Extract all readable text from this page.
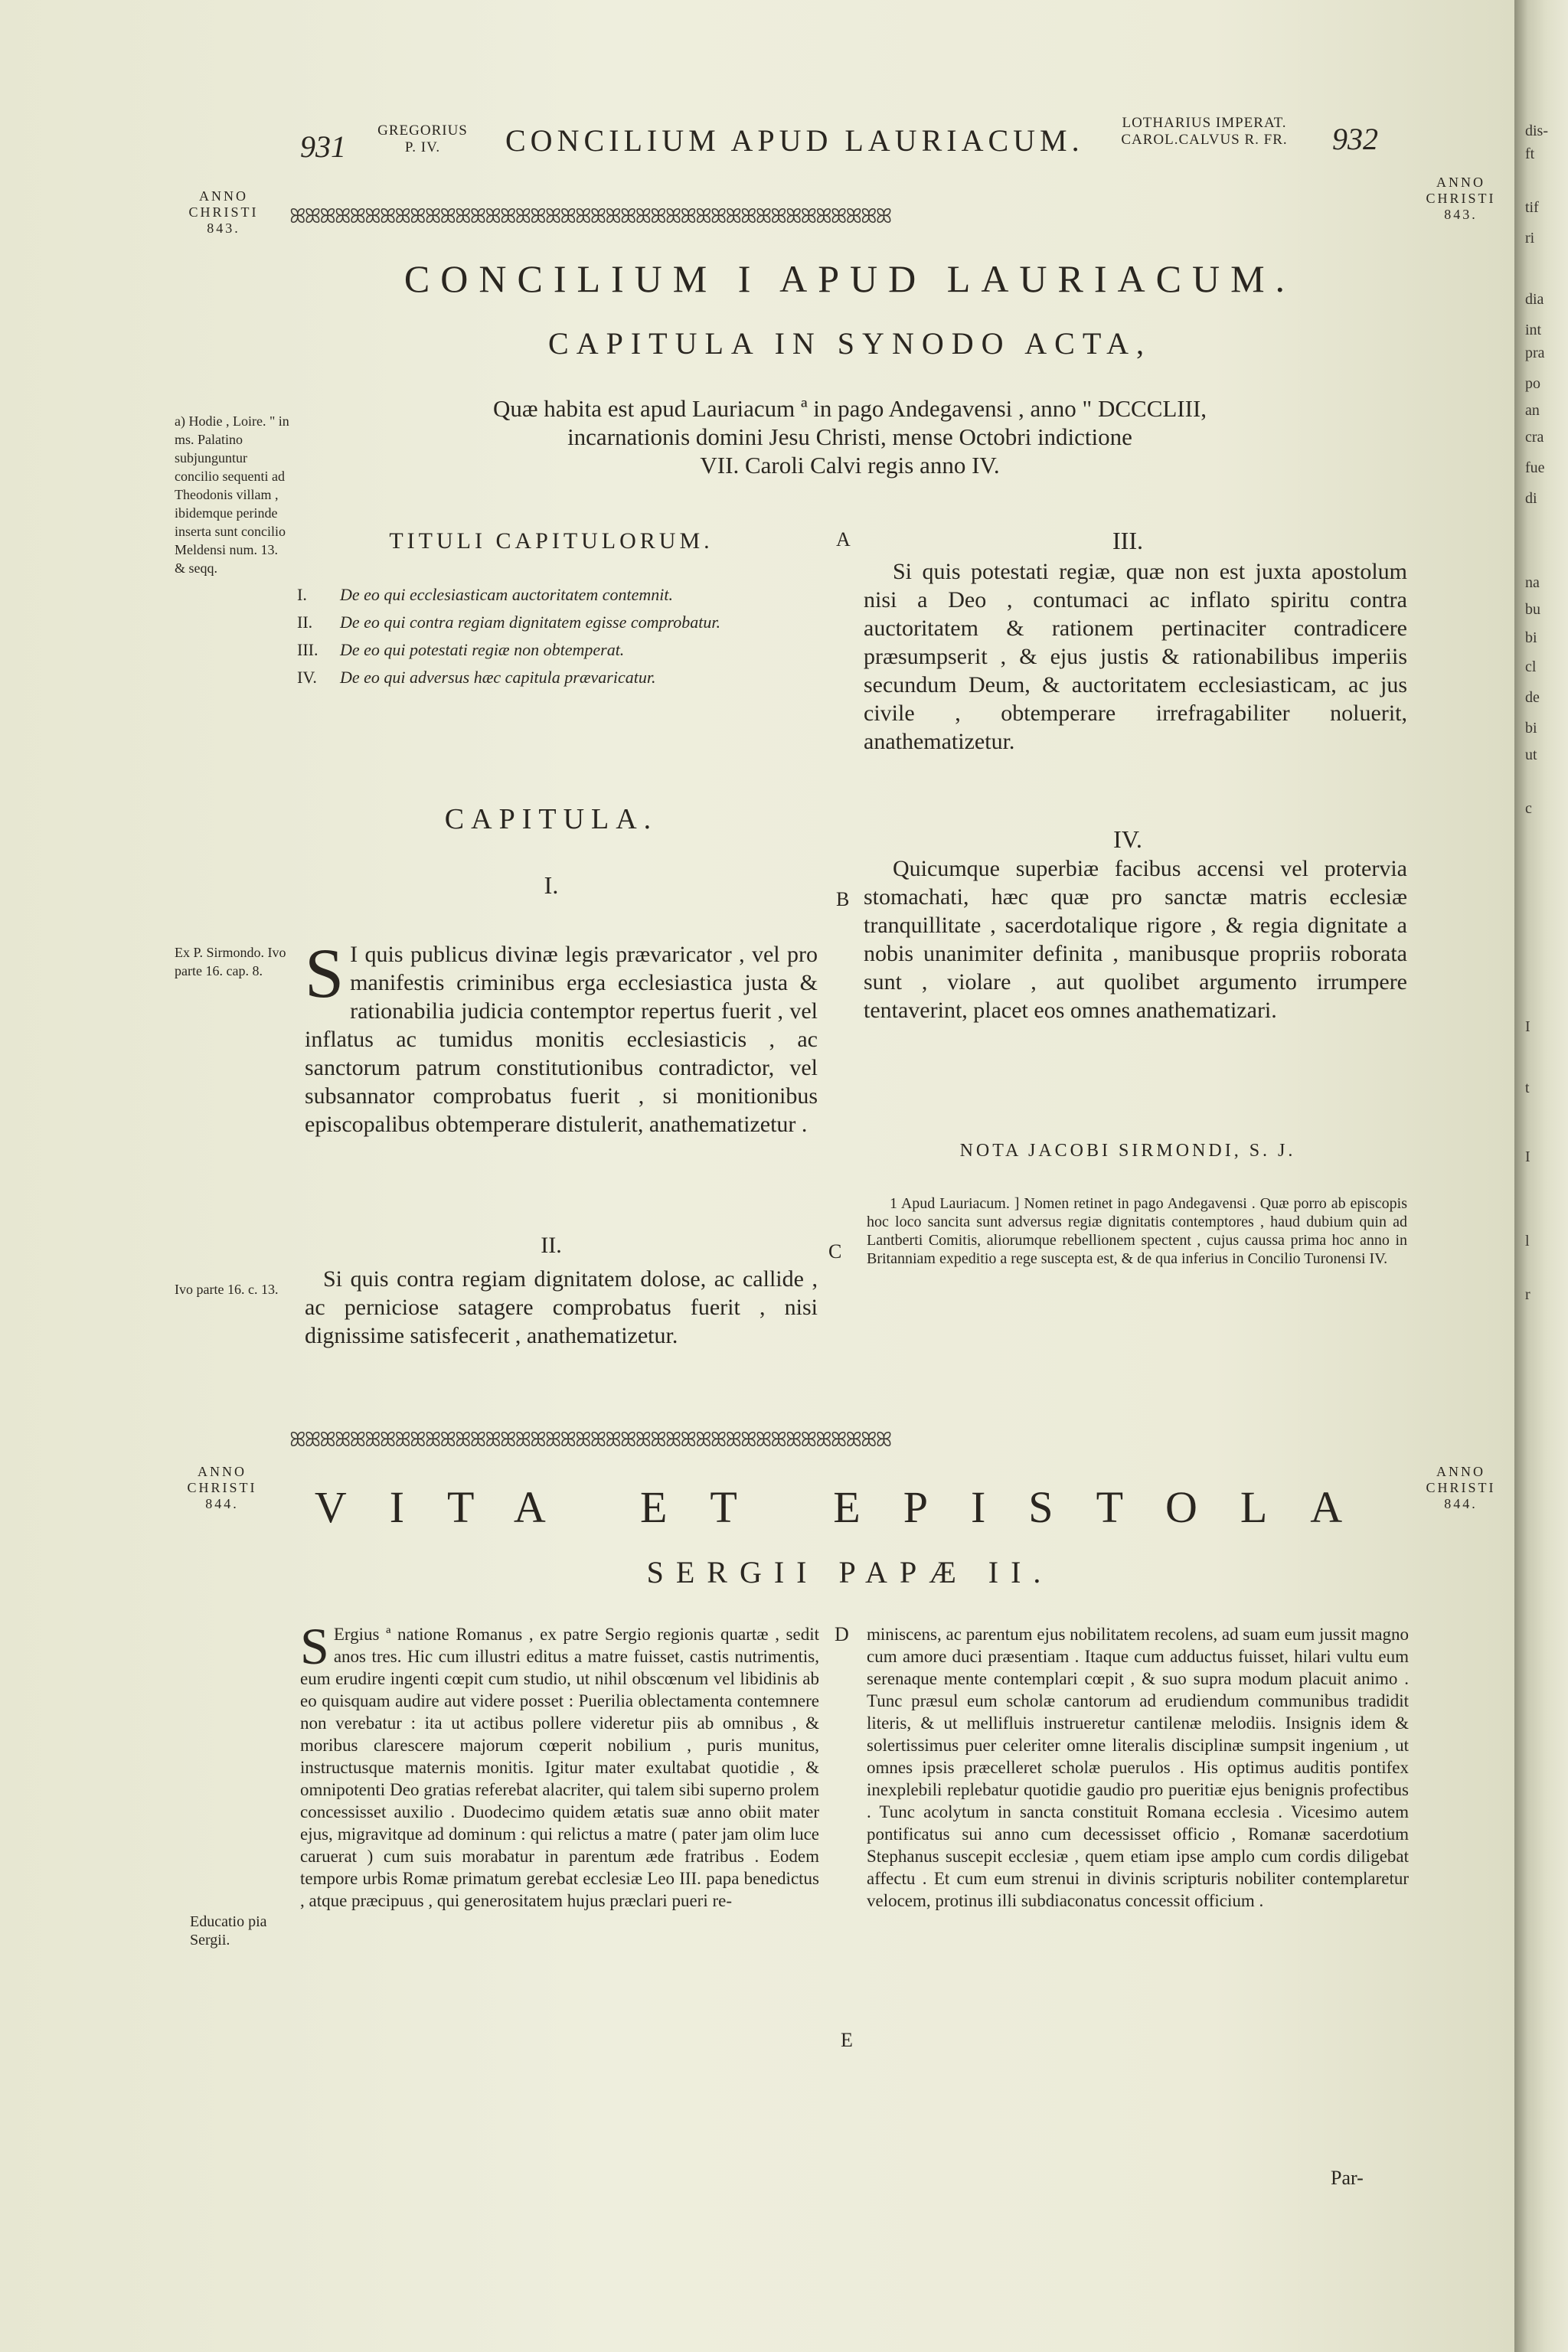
931 GREGORIUS
P. IV.	CONCILIUM APUD LAURIACUM.
LOTHARIUS IMPERAT.
CAROL.CALVUS R. FR.	932
ANNO
CHRISTI
843.
ANNO
CHRISTI
843.
ꕤꕤꕤꕤꕤꕤꕤꕤꕤꕤꕤꕤꕤꕤꕤꕤꕤꕤꕤꕤꕤꕤꕤꕤꕤꕤꕤꕤꕤꕤꕤꕤꕤꕤꕤꕤꕤꕤꕤꕤ
CONCILIUM I APUD LAURIACUM.
CAPITULA IN SYNODO ACTA,
Quæ habita est apud Lauriacum ª in pago Andegavensi , anno " DCCCLIII,
incarnationis domini Jesu Christi, mense Octobri indictione
VII. Caroli Calvi regis anno IV.
a) Hodie , Loire. " in ms. Palatino subjunguntur concilio sequenti ad Theodonis villam , ibidemque perinde inserta sunt concilio Meldensi num. 13. & seqq.
Ex P. Sirmondo. Ivo parte 16. cap. 8.
Ivo parte 16. c. 13.
TITULI CAPITULORUM.
I. De eo qui ecclesiasticam auctoritatem contemnit.
II. De eo qui contra regiam dignitatem egisse comprobatur.
III. De eo qui potestati regiæ non obtemperat.
IV. De eo qui adversus hæc capitula prævaricatur.
CAPITULA.
I.
S I quis publicus divinæ legis prævaricator , vel pro manifestis criminibus erga ecclesiastica justa & rationabilia judicia contemptor repertus fuerit , vel inflatus ac tumidus monitis ecclesiasticis , ac sanctorum patrum constitutionibus contradictor, vel subsannator comprobatus fuerit , si monitionibus episcopalibus obtemperare distulerit, anathematizetur .
II.
Si quis contra regiam dignitatem dolose, ac callide , ac perniciose satagere comprobatus fuerit , nisi dignissime satisfecerit , anathematizetur.
A
B
C
III.
Si quis potestati regiæ, quæ non est juxta apostolum nisi a Deo , contumaci ac inflato spiritu contra auctoritatem & rationem pertinaciter contradicere præsumpserit , & ejus justis & rationabilibus imperiis secundum Deum, & auctoritatem ecclesiasticam, ac jus civile , obtemperare irrefragabiliter noluerit, anathematizetur.
IV.
Quicumque superbiæ facibus accensi vel protervia stomachati, hæc quæ pro sanctæ matris ecclesiæ tranquillitate , sacerdotalique rigore , & regia dignitate a nobis unanimiter definita , manibusque propriis roborata sunt , violare , aut quolibet argumento irrumpere tentaverint, placet eos omnes anathematizari.
NOTA JACOBI SIRMONDI, S. J.
1 Apud Lauriacum. ] Nomen retinet in pago Andegavensi . Quæ porro ab episcopis hoc loco sancita sunt adversus regiæ dignitatis contemptores , haud dubium quin ad Lantberti Comitis, aliorumque rebellionem spectent , cujus caussa prima hoc anno in Britanniam expeditio a rege suscepta est, & de qua inferius in Concilio Turonensi IV.
ꕤꕤꕤꕤꕤꕤꕤꕤꕤꕤꕤꕤꕤꕤꕤꕤꕤꕤꕤꕤꕤꕤꕤꕤꕤꕤꕤꕤꕤꕤꕤꕤꕤꕤꕤꕤꕤꕤꕤꕤ
ANNO
CHRISTI
844.
ANNO
CHRISTI
844.
VITA ET EPISTOLA
SERGII PAPÆ II.
Educatio pia Sergii.
D
E
S Ergius ª natione Romanus , ex patre Sergio regionis quartæ , sedit anos tres. Hic cum illustri editus a matre fuisset, castis nutrimentis, eum erudire ingenti cœpit cum studio, ut nihil obscœnum vel libidinis ab eo quisquam audire aut videre posset : Puerilia oblectamenta contemnere non verebatur : ita ut actibus pollere videretur piis ab omnibus , & moribus clarescere majorum cœperit nobilium , puris munitus, instructusque maternis monitis. Igitur mater exultabat quotidie , & omnipotenti Deo gratias referebat alacriter, qui talem sibi superno prolem concessisset auxilio . Duodecimo quidem ætatis suæ anno obiit mater ejus, migravitque ad dominum : qui relictus a matre ( pater jam olim luce caruerat ) cum suis morabatur in parentum æde fratribus . Eodem tempore urbis Romæ primatum gerebat ecclesiæ Leo III. papa benedictus , atque præcipuus , qui generositatem hujus præclari pueri re-
miniscens, ac parentum ejus nobilitatem recolens, ad suam eum jussit magno cum amore duci præsentiam . Itaque cum adductus fuisset, hilari vultu eum serenaque mente contemplari cœpit , & suo supra modum placuit animo . Tunc præsul eum scholæ cantorum ad erudiendum communibus tradidit literis, & ut mellifluis instrueretur cantilenæ melodiis. Insignis idem & solertissimus puer celeriter omne literalis disciplinæ sumpsit ingenium , ut omnes ipsis præcelleret scholæ puerulos . His optimus auditis pontifex inexplebili replebatur quotidie gaudio pro pueritiæ ejus benignis profectibus . Tunc acolytum in sancta constituit Romana ecclesia . Vicesimo autem pontificatus sui anno cum decessisset officio , Romanæ sacerdotium Stephanus suscepit ecclesiæ , quem etiam ipse amplo cum cordis diligebat affectu . Et cum eum strenui in divinis scripturis nobiliter contemplaretur velocem, protinus illi subdiaconatus concessit officium .
Par-
dis-
ft
tif
ri
dia
int
pra
po
an
cra
fue
di
na
bu
bi
cl
de
bi
ut
c
I
t
I
l
r
